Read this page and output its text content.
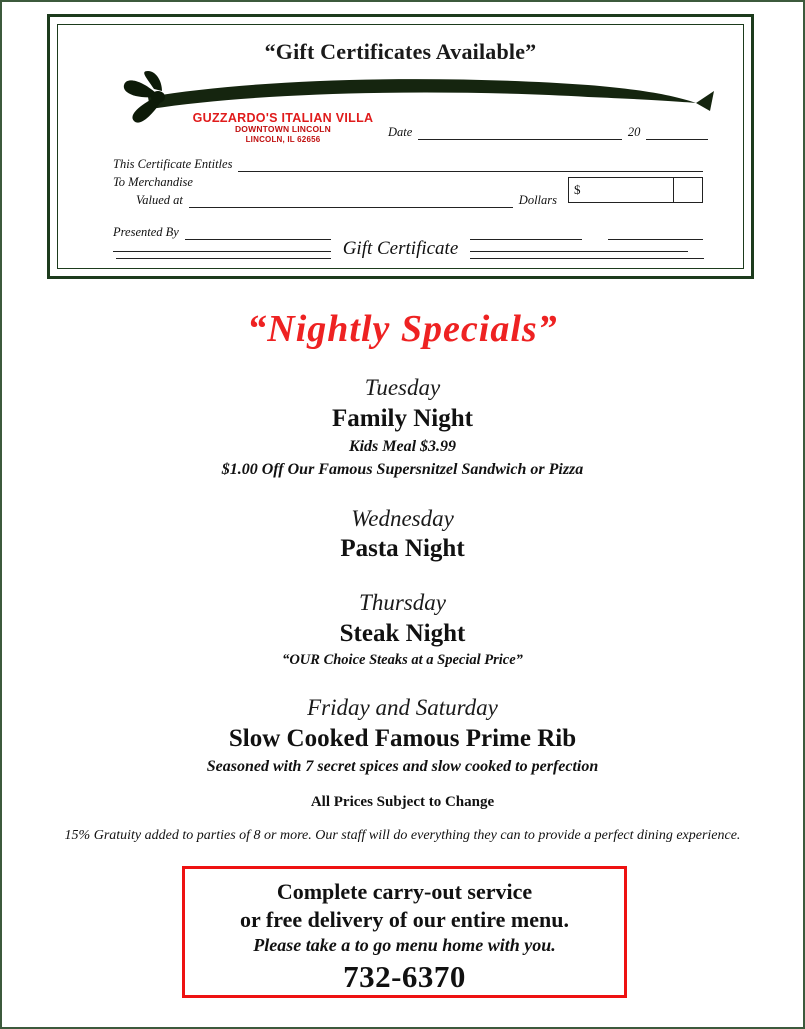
“Gift Certificates Available”
GUZZARDO'S ITALIAN VILLA
DOWNTOWN LINCOLN
LINCOLN, IL 62656
Date	20
This Certificate Entitles
To Merchandise
Valued at	Dollars
$
Presented By
Gift Certificate
“Nightly Specials”
Tuesday
Family Night
Kids Meal $3.99
$1.00 Off Our Famous Supersnitzel Sandwich or Pizza
Wednesday
Pasta Night
Thursday
Steak Night
“OUR Choice Steaks at a Special Price”
Friday and Saturday
Slow Cooked Famous Prime Rib
Seasoned with 7 secret spices and slow cooked to perfection
All Prices Subject to Change
15% Gratuity added to parties of 8 or more. Our staff will do everything they can to provide a perfect dining experience.
Complete carry-out service
or free delivery of our entire menu.
Please take a to go menu home with you.
732-6370
